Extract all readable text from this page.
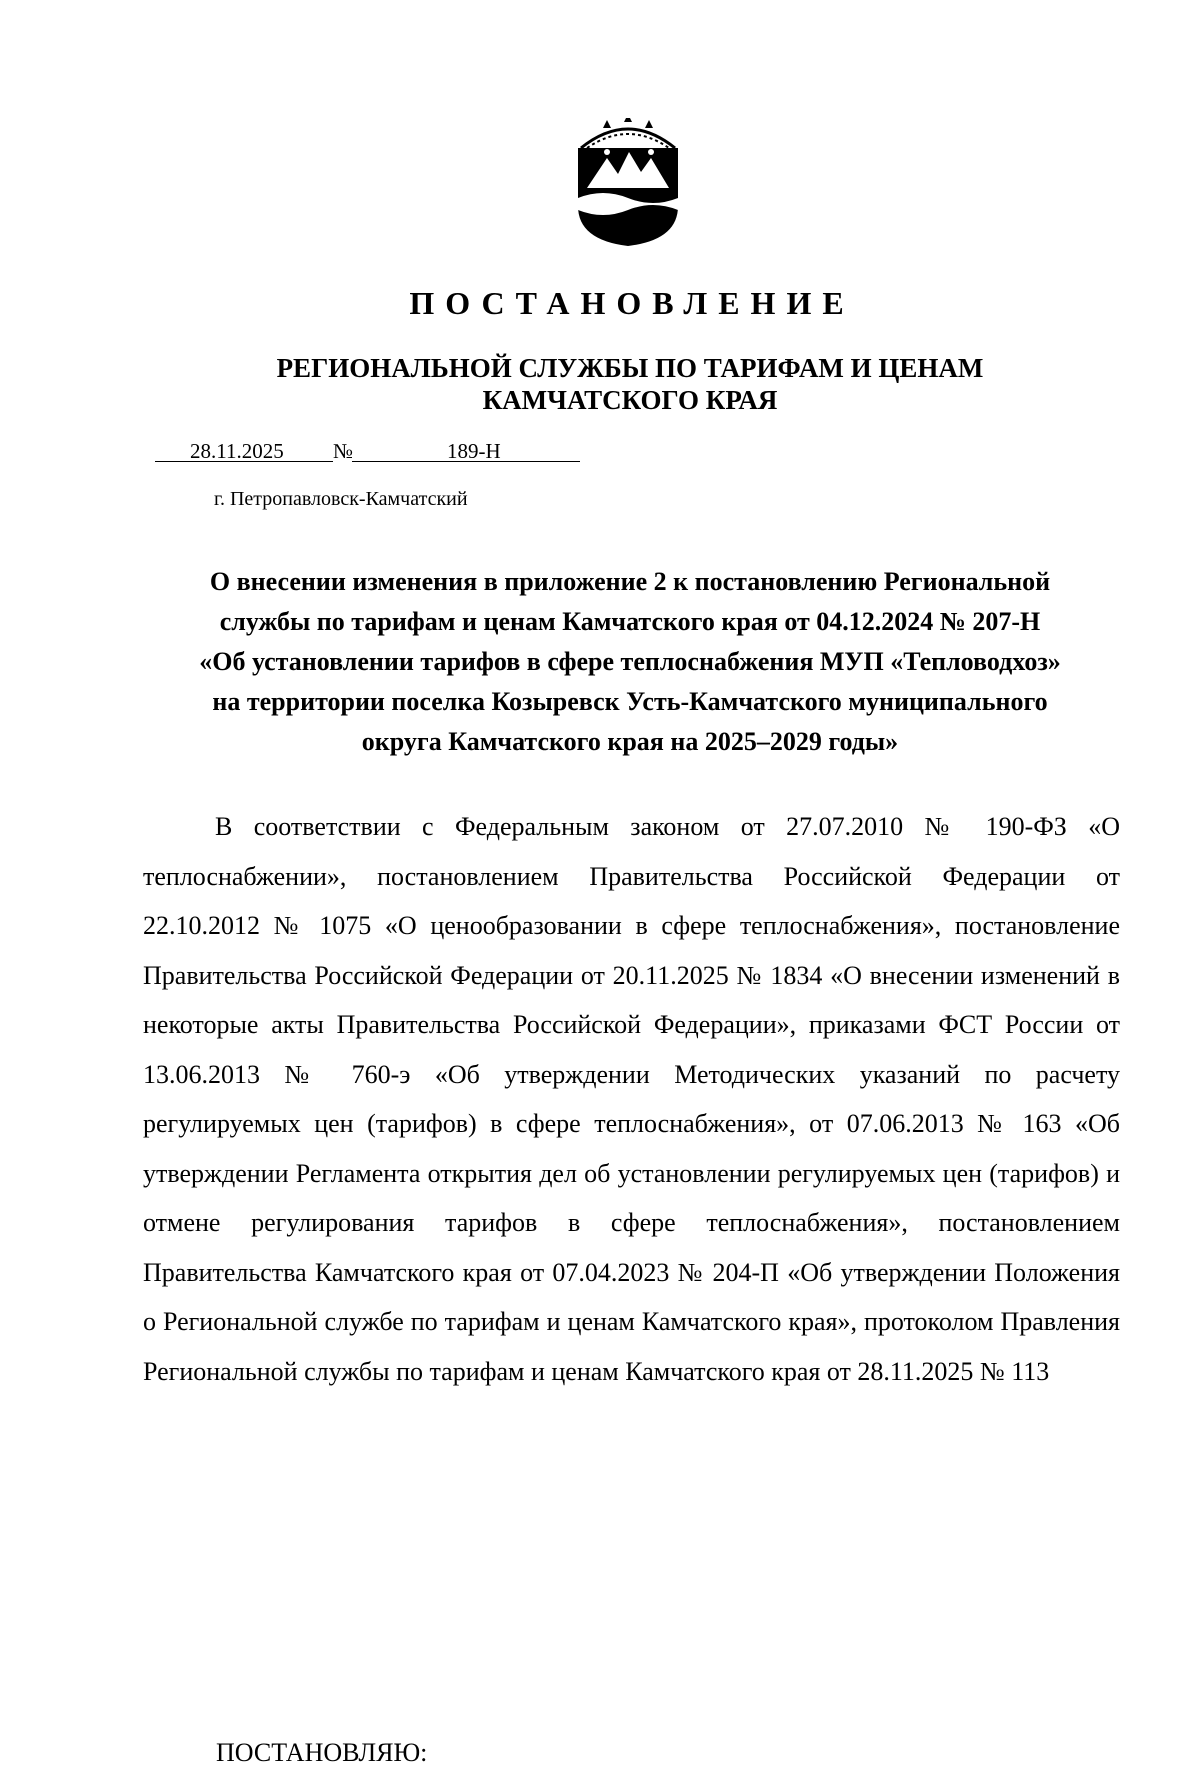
ПОСТАНОВЛЕНИЕ
РЕГИОНАЛЬНОЙ СЛУЖБЫ ПО ТАРИФАМ И ЦЕНАМ
КАМЧАТСКОГО КРАЯ
28.11.2025 №	189-Н
г. Петропавловск-Камчатский
О внесении изменения в приложение 2 к постановлению Региональной
службы по тарифам и ценам Камчатского края от 04.12.2024 № 207-Н
«Об установлении тарифов в сфере теплоснабжения МУП «Тепловодхоз»
на территории поселка Козыревск Усть-Камчатского муниципального
округа Камчатского края на 2025–2029 годы»
В соответствии с Федеральным законом от 27.07.2010 № 190-ФЗ «О теплоснабжении», постановлением Правительства Российской Федерации от 22.10.2012 № 1075 «О ценообразовании в сфере теплоснабжения», постановление Правительства Российской Федерации от 20.11.2025 № 1834 «О внесении изменений в некоторые акты Правительства Российской Федерации», приказами ФСТ России от 13.06.2013 № 760-э «Об утверждении Методических указаний по расчету регулируемых цен (тарифов) в сфере теплоснабжения», от 07.06.2013 № 163 «Об утверждении Регламента открытия дел об установлении регулируемых цен (тарифов) и отмене регулирования тарифов в сфере теплоснабжения», постановлением Правительства Камчатского края от 07.04.2023 № 204-П «Об утверждении Положения о Региональной службе по тарифам и ценам Камчатского края», протоколом Правления Региональной службы по тарифам и ценам Камчатского края от 28.11.2025 № 113
ПОСТАНОВЛЯЮ:
